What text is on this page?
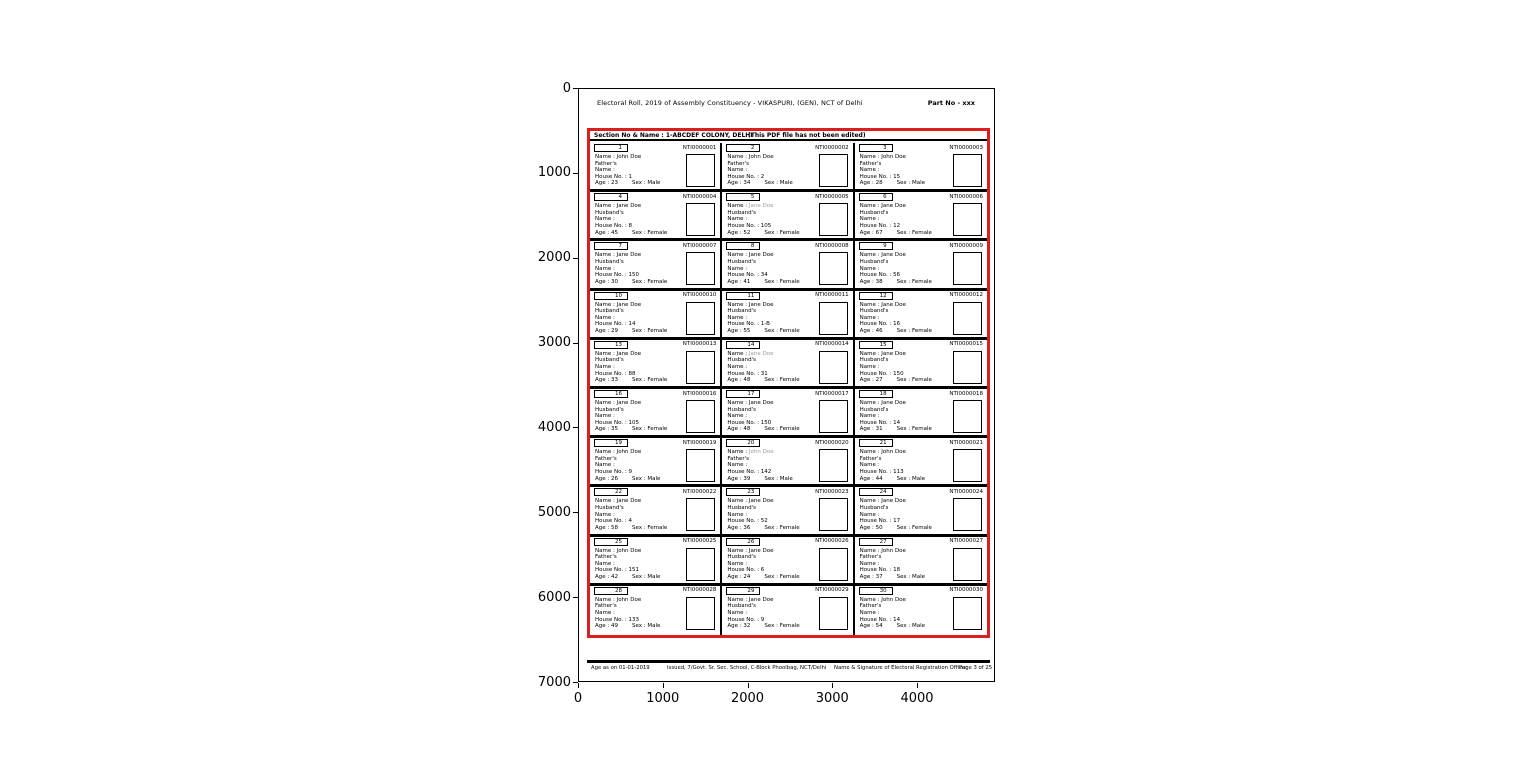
Electoral Roll, 2019 of Assembly Constituency - VIKASPURI, (GEN), NCT of Delhi	Part No - xxx
Section No & Name : 1-ABCDEF COLONY, DELHI
(This PDF file has not been edited)
1	NTI0000001
Name : John Doe
Father's
Name :
House No. : 1
Age : 23	Sex : Male
2	NTI0000002
Name : John Doe
Father's
Name :
House No. : 2
Age : 34	Sex : Male
3	NTI0000003
Name : John Doe
Father's
Name :
House No. : 15
Age : 28	Sex : Male
4	NTI0000004
Name : Jane Doe
Husband's
Name :
House No. : 8
Age : 45	Sex : Female
5	NTI0000005
Name : Jane Doe
Husband's
Name :
House No. : 105
Age : 52	Sex : Female
6	NTI0000006
Name : Jane Doe
Husband's
Name :
House No. : 12
Age : 67	Sex : Female
7	NTI0000007
Name : Jane Doe
Husband's
Name :
House No. : 150
Age : 30	Sex : Female
8	NTI0000008
Name : Jane Doe
Husband's
Name :
House No. : 34
Age : 41	Sex : Female
9	NTI0000009
Name : Jane Doe
Husband's
Name :
House No. : 56
Age : 38	Sex : Female
10	NTI0000010
Name : Jane Doe
Husband's
Name :
House No. : 14
Age : 29	Sex : Female
11	NTI0000011
Name : Jane Doe
Husband's
Name :
House No. : 1-B
Age : 55	Sex : Female
12	NTI0000012
Name : Jane Doe
Husband's
Name :
House No. : 16
Age : 46	Sex : Female
13	NTI0000013
Name : Jane Doe
Husband's
Name :
House No. : 88
Age : 33	Sex : Female
14	NTI0000014
Name : Jane Doe
Husband's
Name :
House No. : 31
Age : 48	Sex : Female
15	NTI0000015
Name : Jane Doe
Husband's
Name :
House No. : 150
Age : 27	Sex : Female
16	NTI0000016
Name : Jane Doe
Husband's
Name :
House No. : 105
Age : 35	Sex : Female
17	NTI0000017
Name : Jane Doe
Husband's
Name :
House No. : 150
Age : 48	Sex : Female
18	NTI0000018
Name : Jane Doe
Husband's
Name :
House No. : 14
Age : 31	Sex : Female
19	NTI0000019
Name : John Doe
Father's
Name :
House No. : 9
Age : 26	Sex : Male
20	NTI0000020
Name : John Doe
Father's
Name :
House No. : 142
Age : 39	Sex : Male
21	NTI0000021
Name : John Doe
Father's
Name :
House No. : 113
Age : 44	Sex : Male
22	NTI0000022
Name : Jane Doe
Husband's
Name :
House No. : 4
Age : 58	Sex : Female
23	NTI0000023
Name : Jane Doe
Husband's
Name :
House No. : 52
Age : 36	Sex : Female
24	NTI0000024
Name : Jane Doe
Husband's
Name :
House No. : 17
Age : 50	Sex : Female
25	NTI0000025
Name : John Doe
Father's
Name :
House No. : 151
Age : 42	Sex : Male
26	NTI0000026
Name : Jane Doe
Husband's
Name :
House No. : 6
Age : 24	Sex : Female
27	NTI0000027
Name : John Doe
Father's
Name :
House No. : 18
Age : 37	Sex : Male
28	NTI0000028
Name : John Doe
Father's
Name :
House No. : 133
Age : 49	Sex : Male
29	NTI0000029
Name : Jane Doe
Husband's
Name :
House No. : 9
Age : 32	Sex : Female
30	NTI0000030
Name : John Doe
Father's
Name :
House No. : 14
Age : 54	Sex : Male
Age as on 01-01-2019	Issued, 7/Govt. Sr. Sec. School, C-Block Phoolbag, NCT/Delhi Name & Signature of Electoral Registration Officer
Page 3 of 25
0
1000
2000
3000
4000
5000
6000
7000
0	1000	2000	3000	4000
